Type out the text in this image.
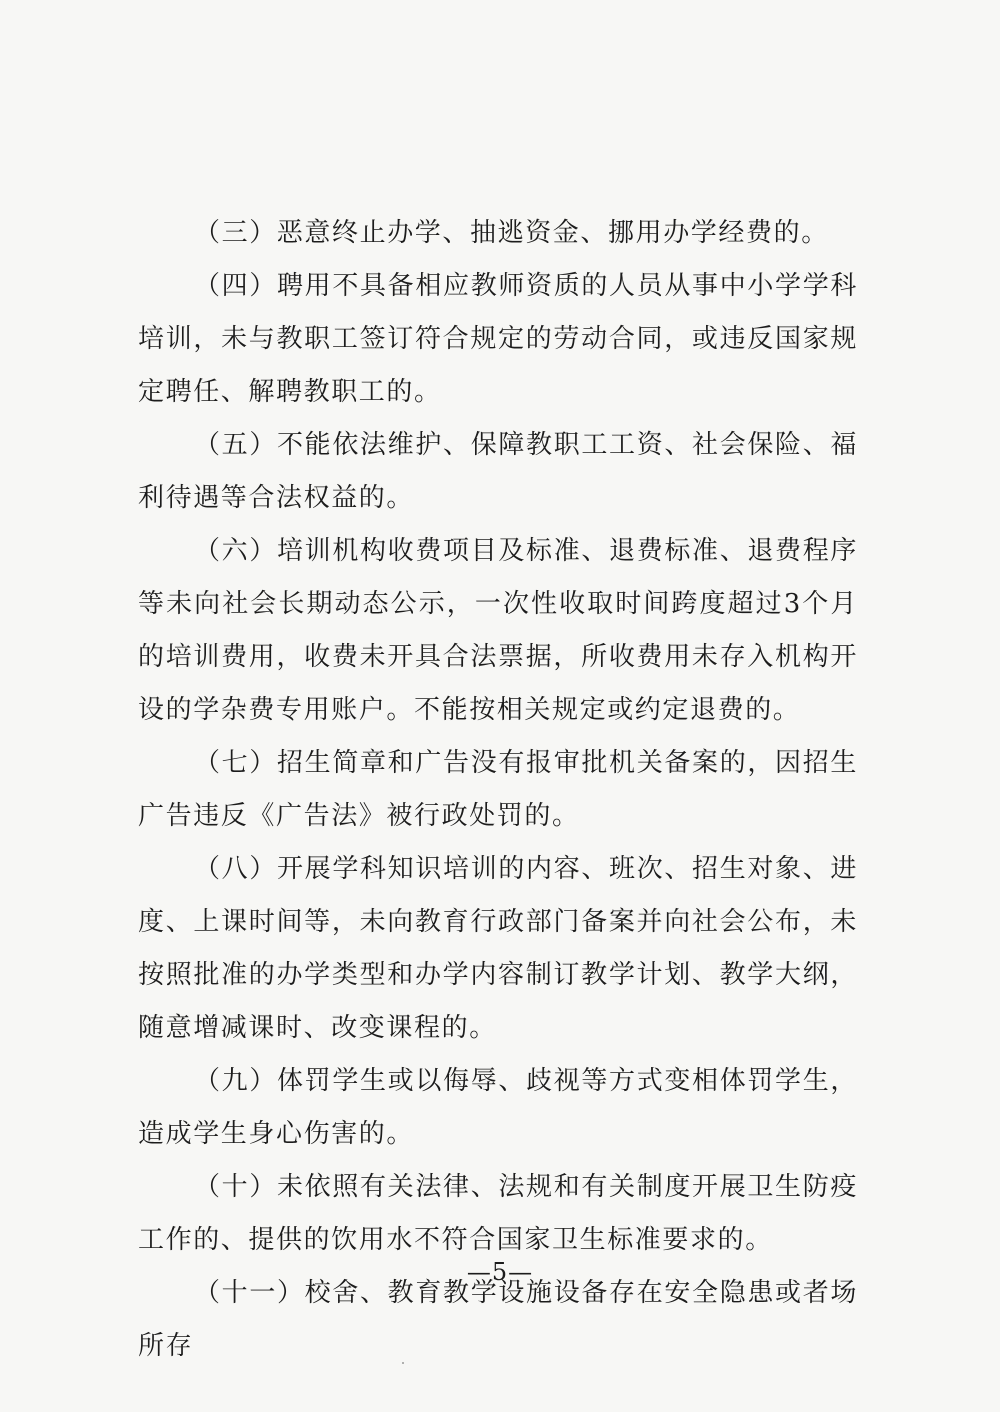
（三）恶意终止办学、抽逃资金、挪用办学经费的。

（四）聘用不具备相应教师资质的人员从事中小学学科培训，未与教职工签订符合规定的劳动合同，或违反国家规定聘任、解聘教职工的。

（五）不能依法维护、保障教职工工资、社会保险、福利待遇等合法权益的。

（六）培训机构收费项目及标准、退费标准、退费程序等未向社会长期动态公示，一次性收取时间跨度超过3个月的培训费用，收费未开具合法票据，所收费用未存入机构开设的学杂费专用账户。不能按相关规定或约定退费的。

（七）招生简章和广告没有报审批机关备案的，因招生广告违反《广告法》被行政处罚的。

（八）开展学科知识培训的内容、班次、招生对象、进度、上课时间等，未向教育行政部门备案并向社会公布，未按照批准的办学类型和办学内容制订教学计划、教学大纲，随意增减课时、改变课程的。

（九）体罚学生或以侮辱、歧视等方式变相体罚学生，造成学生身心伤害的。

（十）未依照有关法律、法规和有关制度开展卫生防疫工作的、提供的饮用水不符合国家卫生标准要求的。

（十一）校舍、教育教学设施设备存在安全隐患或者场所存

—5—
